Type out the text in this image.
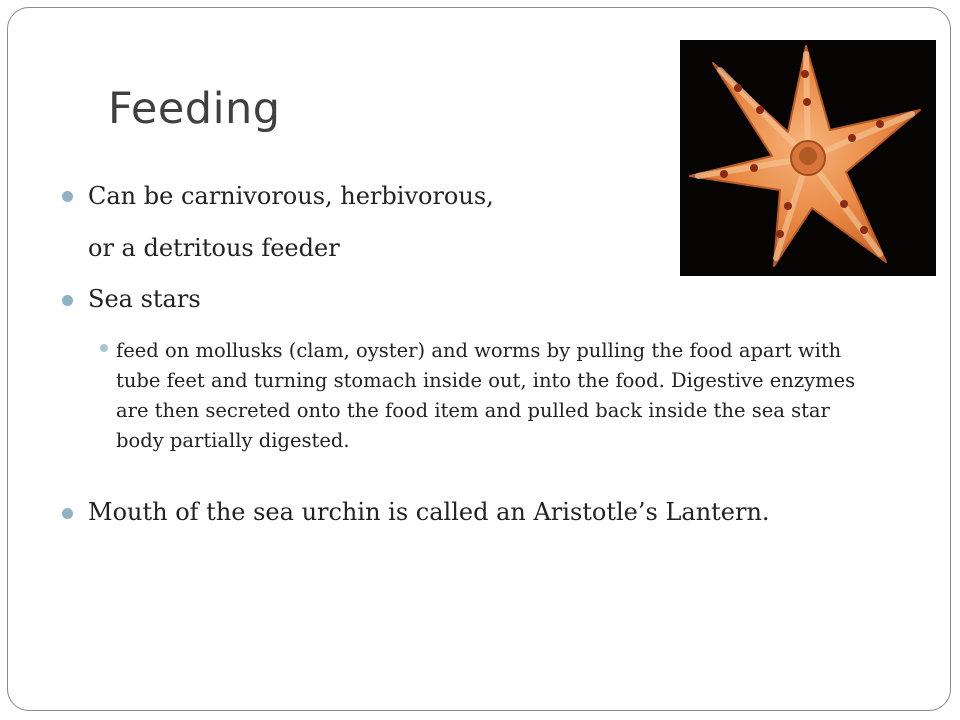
Feeding

Can be carnivorous, herbivorous,

or a detritous feeder

Sea stars

feed on mollusks (clam, oyster) and worms by pulling the food apart with tube feet and turning stomach inside out, into the food. Digestive enzymes are then secreted onto the food item and pulled back inside the sea star body partially digested.

Mouth of the sea urchin is called an Aristotle’s Lantern.
